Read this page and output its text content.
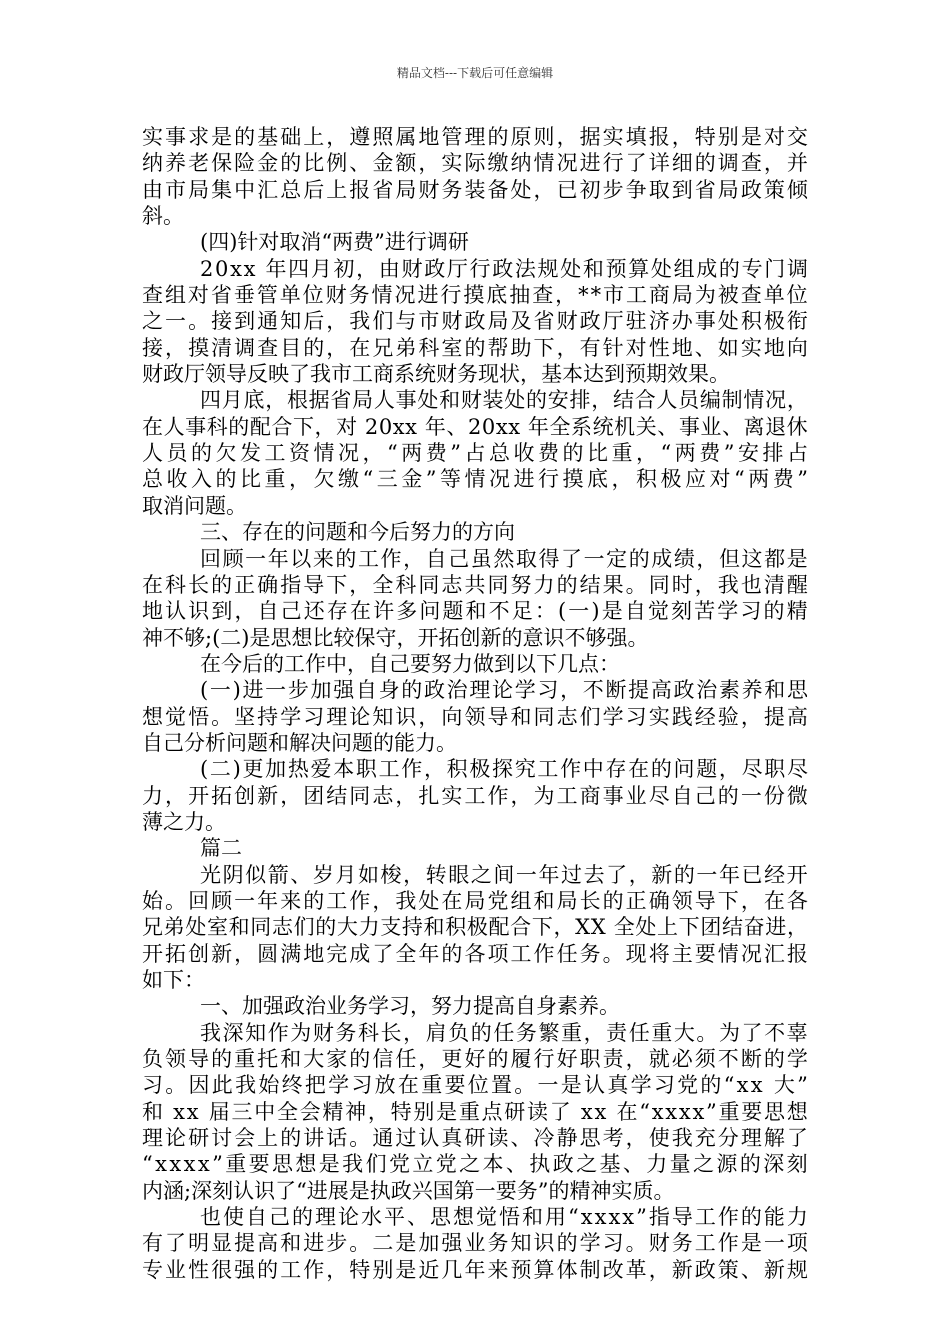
精品文档---下载后可任意编辑
实 事 求 是 的 基 础 上 ， 遵 照 属 地 管 理 的 原 则 ， 据 实 填 报 ， 特 别 是 对 交
纳 养 老 保 险 金 的 比 例 、 金 额 ， 实 际 缴 纳 情 况 进 行 了 详 细 的 调 查 ， 并
由 市 局 集 中 汇 总 后 上 报 省 局 财 务 装 备 处 ， 已 初 步 争 取 到 省 局 政 策 倾
斜。
(四)针对取消“两费”进行调研
2 0 x x
年 四 月 初 ， 由 财 政 厅 行 政 法 规 处 和 预 算 处 组 成 的 专 门 调
查 组 对 省 垂 管 单 位 财 务 情 况 进 行 摸 底 抽 查 ， * * 市 工 商 局 为 被 查 单 位
之 一 。 接 到 通 知 后 ， 我 们 与 市 财 政 局 及 省 财 政 厅 驻 济 办 事 处 积 极 衔
接 ， 摸 清 调 查 目 的 ， 在 兄 弟 科 室 的 帮 助 下 ， 有 针 对 性 地 、 如 实 地 向
财政厅领导反映了我市工商系统财务现状，基本达到预期效果。
四 月 底 ， 根 据 省 局 人 事 处 和 财 装 处 的 安 排 ， 结 合 人 员 编 制 情 况 ，
在 人 事 科 的 配 合 下 ， 对
2 0 x x
年 、 2 0 x x
年 全 系 统 机 关 、 事 业 、 离 退 休
人 员 的 欠 发 工 资 情 况 ， “ 两 费 ” 占 总 收 费 的 比 重 ， “ 两 费 ” 安 排 占
总 收 入 的 比 重 ， 欠 缴 “ 三 金 ” 等 情 况 进 行 摸 底 ， 积 极 应 对 “ 两 费 ”
取消问题。
三、存在的问题和今后努力的方向
回 顾 一 年 以 来 的 工 作 ， 自 己 虽 然 取 得 了 一 定 的 成 绩 ， 但 这 都 是
在 科 长 的 正 确 指 导 下 ， 全 科 同 志 共 同 努 力 的 结 果 。 同 时 ， 我 也 清 醒
地 认 识 到 ， 自 己 还 存 在 许 多 问 题 和 不 足 ： ( 一 ) 是 自 觉 刻 苦 学 习 的 精
神不够;(二)是思想比较保守，开拓创新的意识不够强。
在今后的工作中，自己要努力做到以下几点：
( 一 ) 进 一 步 加 强 自 身 的 政 治 理 论 学 习 ， 不 断 提 高 政 治 素 养 和 思
想 觉 悟 。 坚 持 学 习 理 论 知 识 ， 向 领 导 和 同 志 们 学 习 实 践 经 验 ， 提 高
自己分析问题和解决问题的能力。
( 二 ) 更 加 热 爱 本 职 工 作 ， 积 极 探 究 工 作 中 存 在 的 问 题 ， 尽 职 尽
力 ， 开 拓 创 新 ， 团 结 同 志 ， 扎 实 工 作 ， 为 工 商 事 业 尽 自 己 的 一 份 微
薄之力。
篇二
光 阴 似 箭 、 岁 月 如 梭 ， 转 眼 之 间 一 年 过 去 了 ， 新 的 一 年 已 经 开
始 。 回 顾 一 年 来 的 工 作 ， 我 处 在 局 党 组 和 局 长 的 正 确 领 导 下 ， 在 各
兄 弟 处 室 和 同 志 们 的 大 力 支 持 和 积 极 配 合 下 ， X X
全 处 上 下 团 结 奋 进 ，
开 拓 创 新 ， 圆 满 地 完 成 了 全 年 的 各 项 工 作 任 务 。 现 将 主 要 情 况 汇 报
如下：
一、加强政治业务学习，努力提高自身素养。
我 深 知 作 为 财 务 科 长 ， 肩 负 的 任 务 繁 重 ， 责 任 重 大 。 为 了 不 辜
负 领 导 的 重 托 和 大 家 的 信 任 ， 更 好 的 履 行 好 职 责 ， 就 必 须 不 断 的 学
习 。 因 此 我 始 终 把 学 习 放 在 重 要 位 置 。 一 是 认 真 学 习 党 的 “ x x
大 ”
和
x x
届 三 中 全 会 精 神 ， 特 别 是 重 点 研 读 了
x x
在 “ x x x x ” 重 要 思 想
理 论 研 讨 会 上 的 讲 话 。 通 过 认 真 研 读 、 冷 静 思 考 ， 使 我 充 分 理 解 了
“ x x x x ” 重 要 思 想 是 我 们 党 立 党 之 本 、 执 政 之 基 、 力 量 之 源 的 深 刻
内涵;深刻认识了“进展是执政兴国第一要务”的精神实质。
也 使 自 己 的 理 论 水 平 、 思 想 觉 悟 和 用 “ x x x x ” 指 导 工 作 的 能 力
有 了 明 显 提 高 和 进 步 。 二 是 加 强 业 务 知 识 的 学 习 。 财 务 工 作 是 一 项
专 业 性 很 强 的 工 作 ， 特 别 是 近 几 年 来 预 算 体 制 改 革 ， 新 政 策 、 新 规
